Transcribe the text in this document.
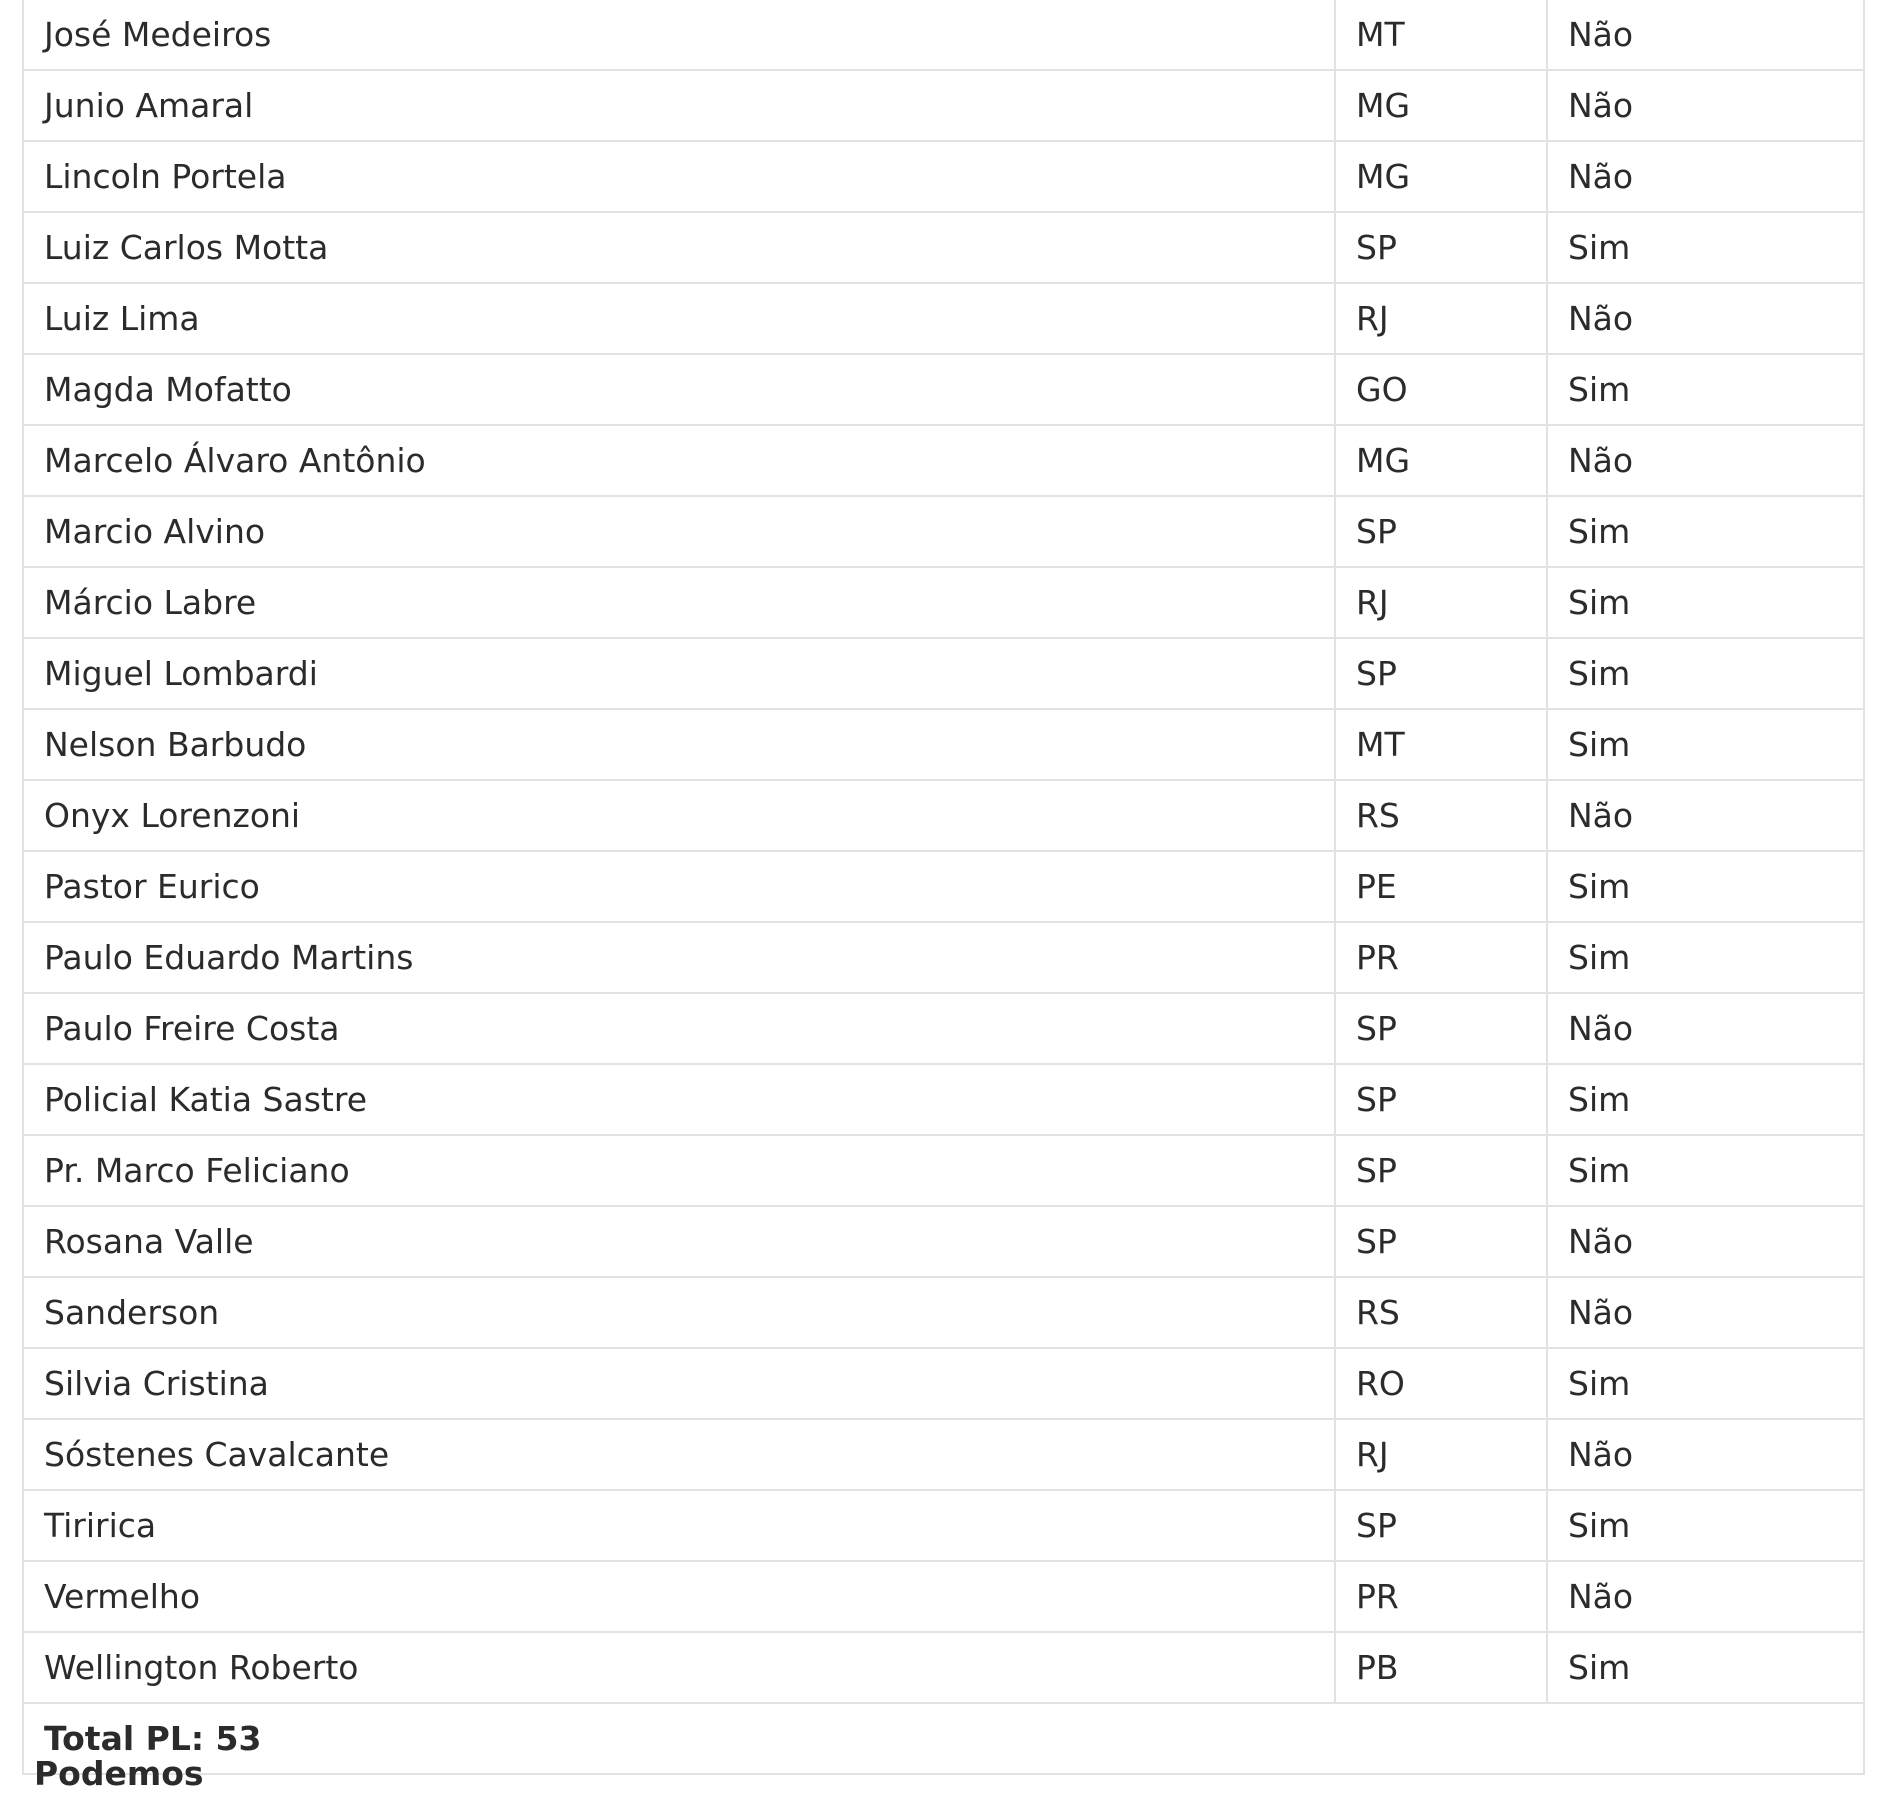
José Medeiros	MT	Não
Junio Amaral	MG	Não
Lincoln Portela	MG	Não
Luiz Carlos Motta	SP	Sim
Luiz Lima	RJ	Não
Magda Mofatto	GO	Sim
Marcelo Álvaro Antônio	MG	Não
Marcio Alvino	SP	Sim
Márcio Labre	RJ	Sim
Miguel Lombardi	SP	Sim
Nelson Barbudo	MT	Sim
Onyx Lorenzoni	RS	Não
Pastor Eurico	PE	Sim
Paulo Eduardo Martins	PR	Sim
Paulo Freire Costa	SP	Não
Policial Katia Sastre	SP	Sim
Pr. Marco Feliciano	SP	Sim
Rosana Valle	SP	Não
Sanderson	RS	Não
Silvia Cristina	RO	Sim
Sóstenes Cavalcante	RJ	Não
Tiririca	SP	Sim
Vermelho	PR	Não
Wellington Roberto	PB	Sim
Total PL: 53		
Podemos
